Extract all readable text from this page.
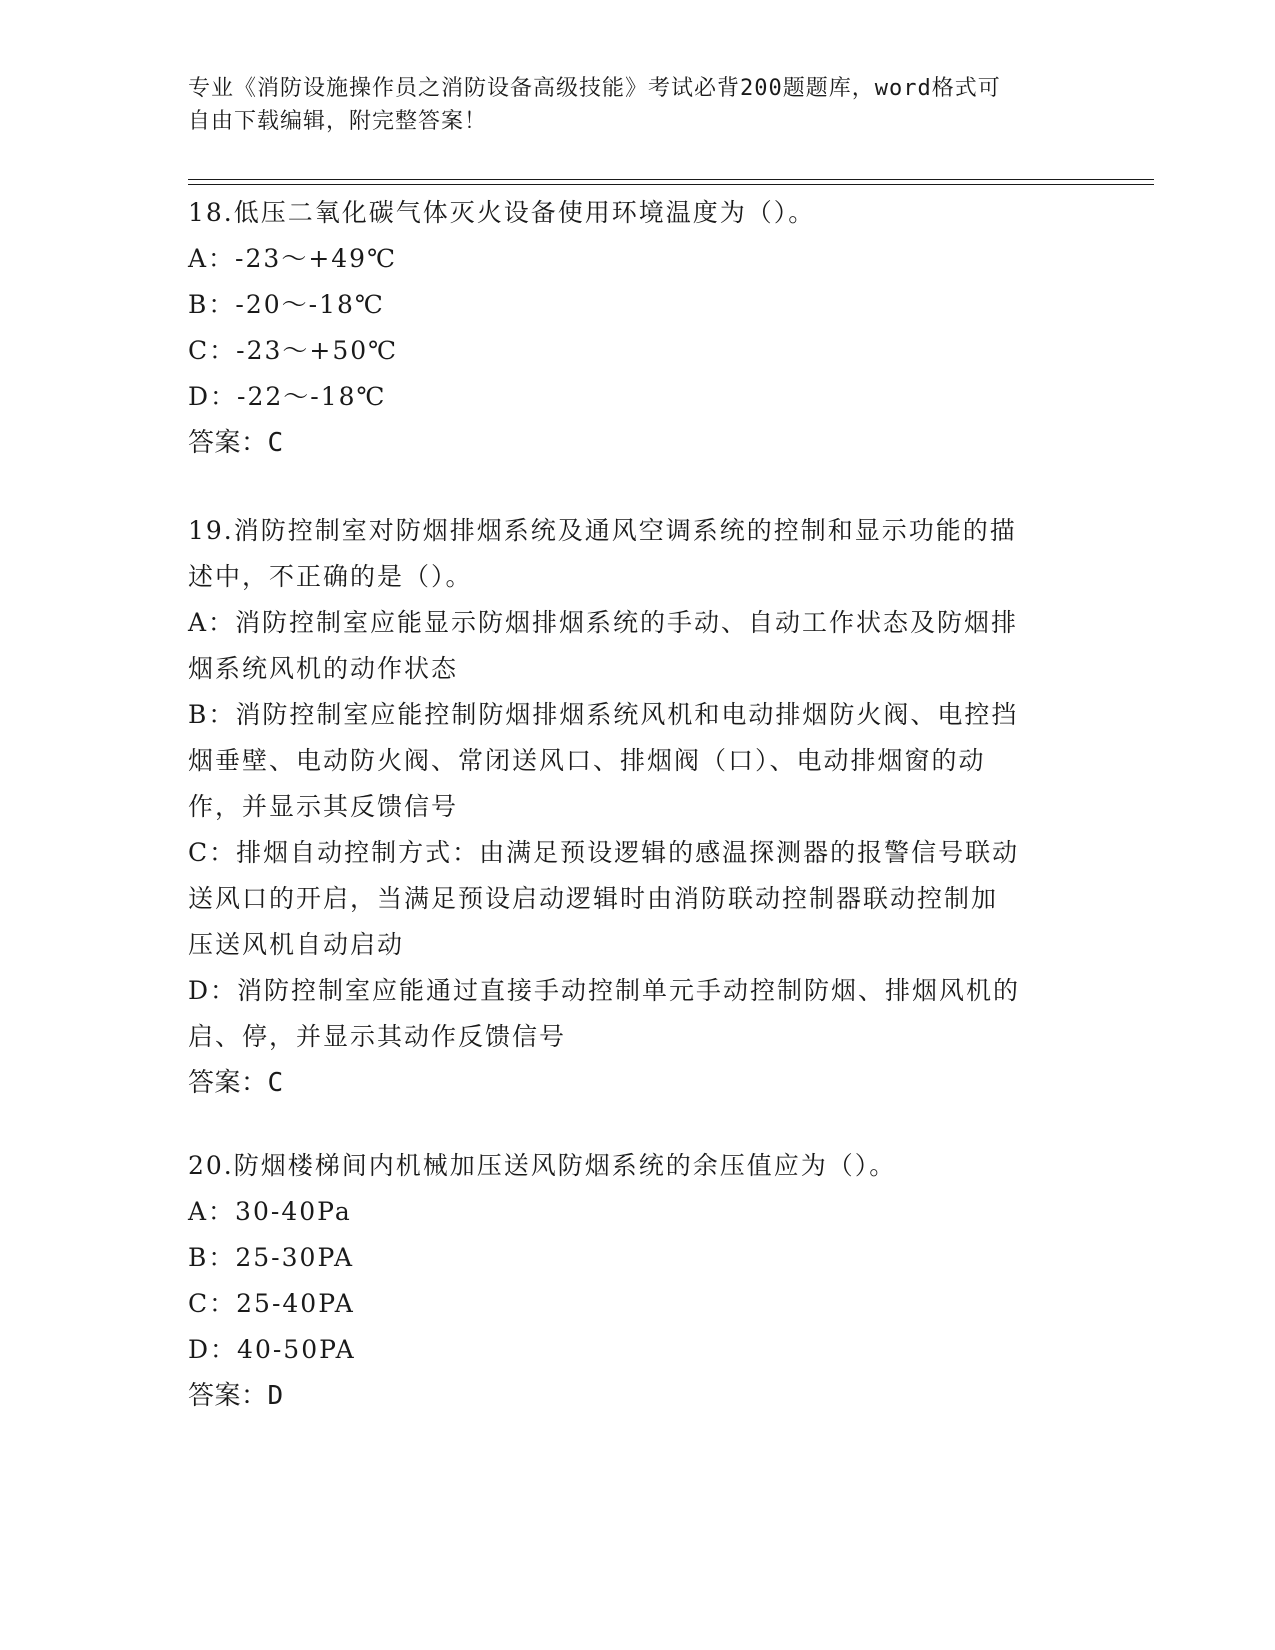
专业《消防设施操作员之消防设备高级技能》考试必背200题题库，word格式可
自由下载编辑，附完整答案！
18.低压二氧化碳气体灭火设备使用环境温度为（）。
A：-23～+49℃
B：-20～-18℃
C：-23～+50℃
D：-22～-18℃
答案：C
19.消防控制室对防烟排烟系统及通风空调系统的控制和显示功能的描
述中，不正确的是（）。
A：消防控制室应能显示防烟排烟系统的手动、自动工作状态及防烟排
烟系统风机的动作状态
B：消防控制室应能控制防烟排烟系统风机和电动排烟防火阀、电控挡
烟垂壁、电动防火阀、常闭送风口、排烟阀（口）、电动排烟窗的动
作，并显示其反馈信号
C：排烟自动控制方式：由满足预设逻辑的感温探测器的报警信号联动
送风口的开启，当满足预设启动逻辑时由消防联动控制器联动控制加
压送风机自动启动
D：消防控制室应能通过直接手动控制单元手动控制防烟、排烟风机的
启、停，并显示其动作反馈信号
答案：C
20.防烟楼梯间内机械加压送风防烟系统的余压值应为（）。
A：30-40Pa
B：25-30PA
C：25-40PA
D：40-50PA
答案：D
